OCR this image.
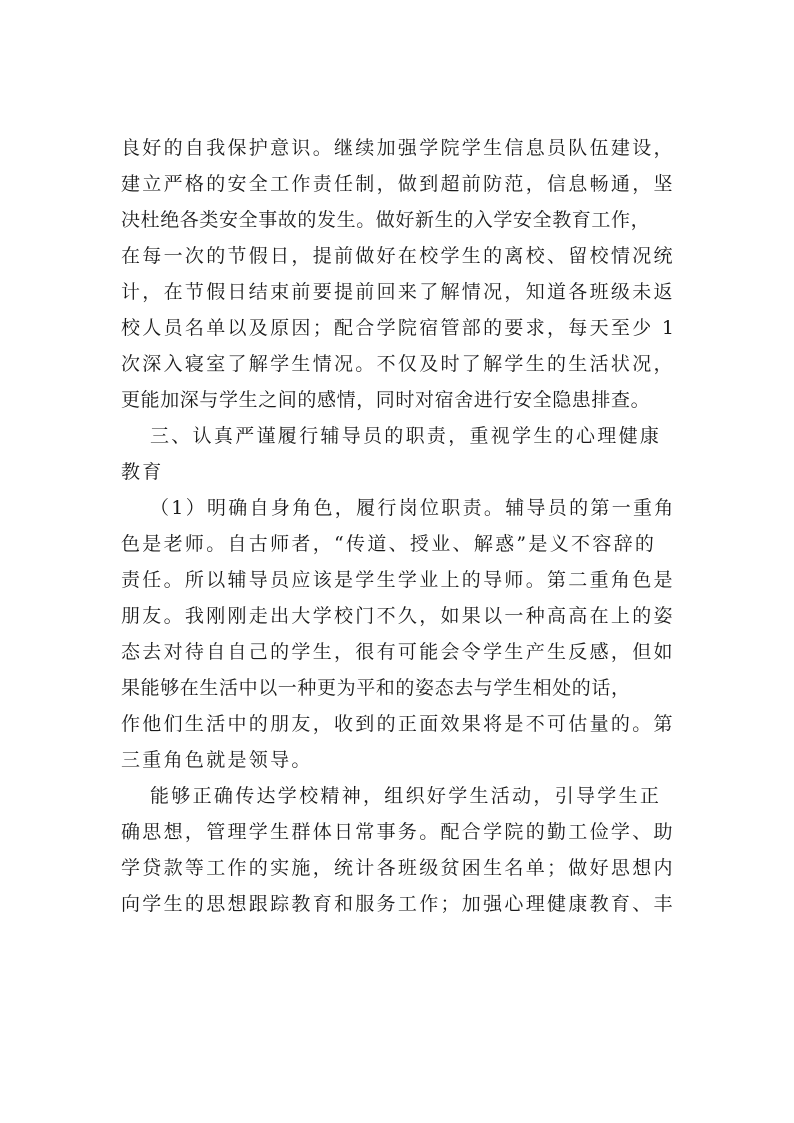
良好的自我保护意识。继续加强学院学生信息员队伍建设，
建立严格的安全工作责任制，做到超前防范，信息畅通，坚
决杜绝各类安全事故的发生。做好新生的入学安全教育工作，
在每一次的节假日，提前做好在校学生的离校、留校情况统
计，在节假日结束前要提前回来了解情况，知道各班级未返
校人员名单以及原因；配合学院宿管部的要求，每天至少 1
次深入寝室了解学生情况。不仅及时了解学生的生活状况，
更能加深与学生之间的感情，同时对宿舍进行安全隐患排查。
三、认真严谨履行辅导员的职责，重视学生的心理健康
教育
（1）明确自身角色，履行岗位职责。辅导员的第一重角
色是老师。自古师者，“传道、授业、解惑”是义不容辞的
责任。所以辅导员应该是学生学业上的导师。第二重角色是
朋友。我刚刚走出大学校门不久，如果以一种高高在上的姿
态去对待自自己的学生，很有可能会令学生产生反感，但如
果能够在生活中以一种更为平和的姿态去与学生相处的话，
作他们生活中的朋友，收到的正面效果将是不可估量的。第
三重角色就是领导。
能够正确传达学校精神，组织好学生活动，引导学生正
确思想，管理学生群体日常事务。配合学院的勤工俭学、助
学贷款等工作的实施，统计各班级贫困生名单；做好思想内
向学生的思想跟踪教育和服务工作；加强心理健康教育、丰
